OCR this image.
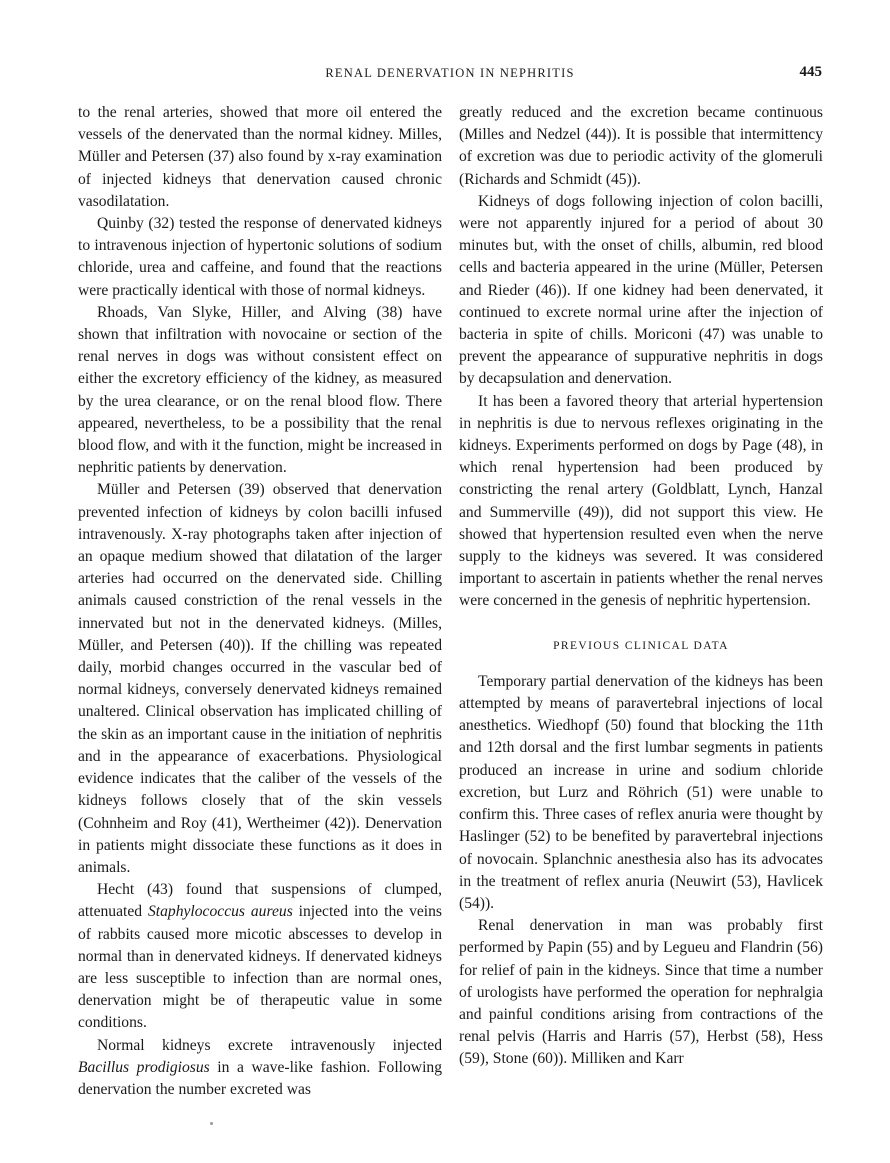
RENAL DENERVATION IN NEPHRITIS	445

to the renal arteries, showed that more oil entered the vessels of the denervated than the normal kidney. Milles, Müller and Petersen (37) also found by x-ray examination of injected kidneys that denervation caused chronic vasodilatation.

Quinby (32) tested the response of denervated kidneys to intravenous injection of hypertonic solutions of sodium chloride, urea and caffeine, and found that the reactions were practically identical with those of normal kidneys.

Rhoads, Van Slyke, Hiller, and Alving (38) have shown that infiltration with novocaine or section of the renal nerves in dogs was without consistent effect on either the excretory efficiency of the kidney, as measured by the urea clearance, or on the renal blood flow. There appeared, nevertheless, to be a possibility that the renal blood flow, and with it the function, might be increased in nephritic patients by denervation.

Müller and Petersen (39) observed that denervation prevented infection of kidneys by colon bacilli infused intravenously. X-ray photographs taken after injection of an opaque medium showed that dilatation of the larger arteries had occurred on the denervated side. Chilling animals caused constriction of the renal vessels in the innervated but not in the denervated kidneys. (Milles, Müller, and Petersen (40)). If the chilling was repeated daily, morbid changes occurred in the vascular bed of normal kidneys, conversely denervated kidneys remained unaltered. Clinical observation has implicated chilling of the skin as an important cause in the initiation of nephritis and in the appearance of exacerbations. Physiological evidence indicates that the caliber of the vessels of the kidneys follows closely that of the skin vessels (Cohnheim and Roy (41), Wertheimer (42)). Denervation in patients might dissociate these functions as it does in animals.

Hecht (43) found that suspensions of clumped, attenuated Staphylococcus aureus injected into the veins of rabbits caused more micotic abscesses to develop in normal than in denervated kidneys. If denervated kidneys are less susceptible to infection than are normal ones, denervation might be of therapeutic value in some conditions.

Normal kidneys excrete intravenously injected Bacillus prodigiosus in a wave-like fashion. Following denervation the number excreted was

greatly reduced and the excretion became continuous (Milles and Nedzel (44)). It is possible that intermittency of excretion was due to periodic activity of the glomeruli (Richards and Schmidt (45)).

Kidneys of dogs following injection of colon bacilli, were not apparently injured for a period of about 30 minutes but, with the onset of chills, albumin, red blood cells and bacteria appeared in the urine (Müller, Petersen and Rieder (46)). If one kidney had been denervated, it continued to excrete normal urine after the injection of bacteria in spite of chills. Moriconi (47) was unable to prevent the appearance of suppurative nephritis in dogs by decapsulation and denervation.

It has been a favored theory that arterial hypertension in nephritis is due to nervous reflexes originating in the kidneys. Experiments performed on dogs by Page (48), in which renal hypertension had been produced by constricting the renal artery (Goldblatt, Lynch, Hanzal and Summerville (49)), did not support this view. He showed that hypertension resulted even when the nerve supply to the kidneys was severed. It was considered important to ascertain in patients whether the renal nerves were concerned in the genesis of nephritic hypertension.

PREVIOUS CLINICAL DATA

Temporary partial denervation of the kidneys has been attempted by means of paravertebral injections of local anesthetics. Wiedhopf (50) found that blocking the 11th and 12th dorsal and the first lumbar segments in patients produced an increase in urine and sodium chloride excretion, but Lurz and Röhrich (51) were unable to confirm this. Three cases of reflex anuria were thought by Haslinger (52) to be benefited by paravertebral injections of novocain. Splanchnic anesthesia also has its advocates in the treatment of reflex anuria (Neuwirt (53), Havlicek (54)).

Renal denervation in man was probably first performed by Papin (55) and by Legueu and Flandrin (56) for relief of pain in the kidneys. Since that time a number of urologists have performed the operation for nephralgia and painful conditions arising from contractions of the renal pelvis (Harris and Harris (57), Herbst (58), Hess (59), Stone (60)). Milliken and Karr
